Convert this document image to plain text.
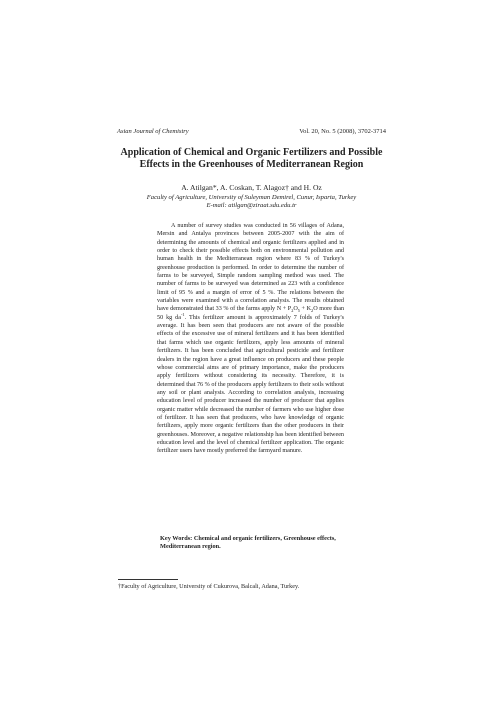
Asian Journal of Chemistry	Vol. 20, No. 5 (2008), 3702-3714
Application of Chemical and Organic Fertilizers and Possible
Effects in the Greenhouses of Mediterranean Region
A. Atilgan*, A. Coskan, T. Alagoz† and H. Oz
Faculty of Agriculture, University of Suleyman Demirel, Cunur, Isparta, Turkey
E-mail: atilgan@ziraat.sdu.edu.tr

A number of survey studies was conducted in 56 villages of Adana, Mersin and Antalya provinces between 2005-2007 with the aim of determining the amounts of chemical and organic fertilizers applied and in order to check their possible effects both on environmental pollution and human health in the Mediterranean region where 83 % of Turkey's greenhouse production is performed. In order to determine the number of farms to be surveyed, Simple random sampling method was used. The number of farms to be surveyed was determined as 223 with a confidence limit of 95 % and a margin of error of 5 %. The relations between the variables were examined with a correlation analysis. The results obtained have demonstrated that 33 % of the farms apply $N + P_2O_5 + K_2O$ more than 50 kg $da^{-1}$. This fertilizer amount is approximately 7 folds of Turkey's average. It has been seen that producers are not aware of the possible effects of the excessive use of mineral fertilizers and it has been identified that farms which use organic fertilizers, apply less amounts of mineral fertilizers. It has been concluded that agricultural pesticide and fertilizer dealers in the region have a great influence on producers and these people whose commercial aims are of primary importance, make the producers apply fertilizers without considering its necessity. Therefore, it is determined that 76 % of the producers apply fertilizers to their soils without any soil or plant analysis. According to correlation analysis, increasing education level of producer increased the number of producer that applies organic matter while decreased the number of farmers who use higher dose of fertilizer. It has seen that producers, who have knowledge of organic fertilizers, apply more organic fertilizers than the other producers in their greenhouses. Moreover, a negative relationship has been identified between education level and the level of chemical fertilizer application. The organic fertilizer users have mostly preferred the farmyard manure.

Key Words: Chemical and organic fertilizers, Greenhouse effects, Mediterranean region.

†Faculty of Agriculture, University of Cukurova, Balcali, Adana, Turkey.
